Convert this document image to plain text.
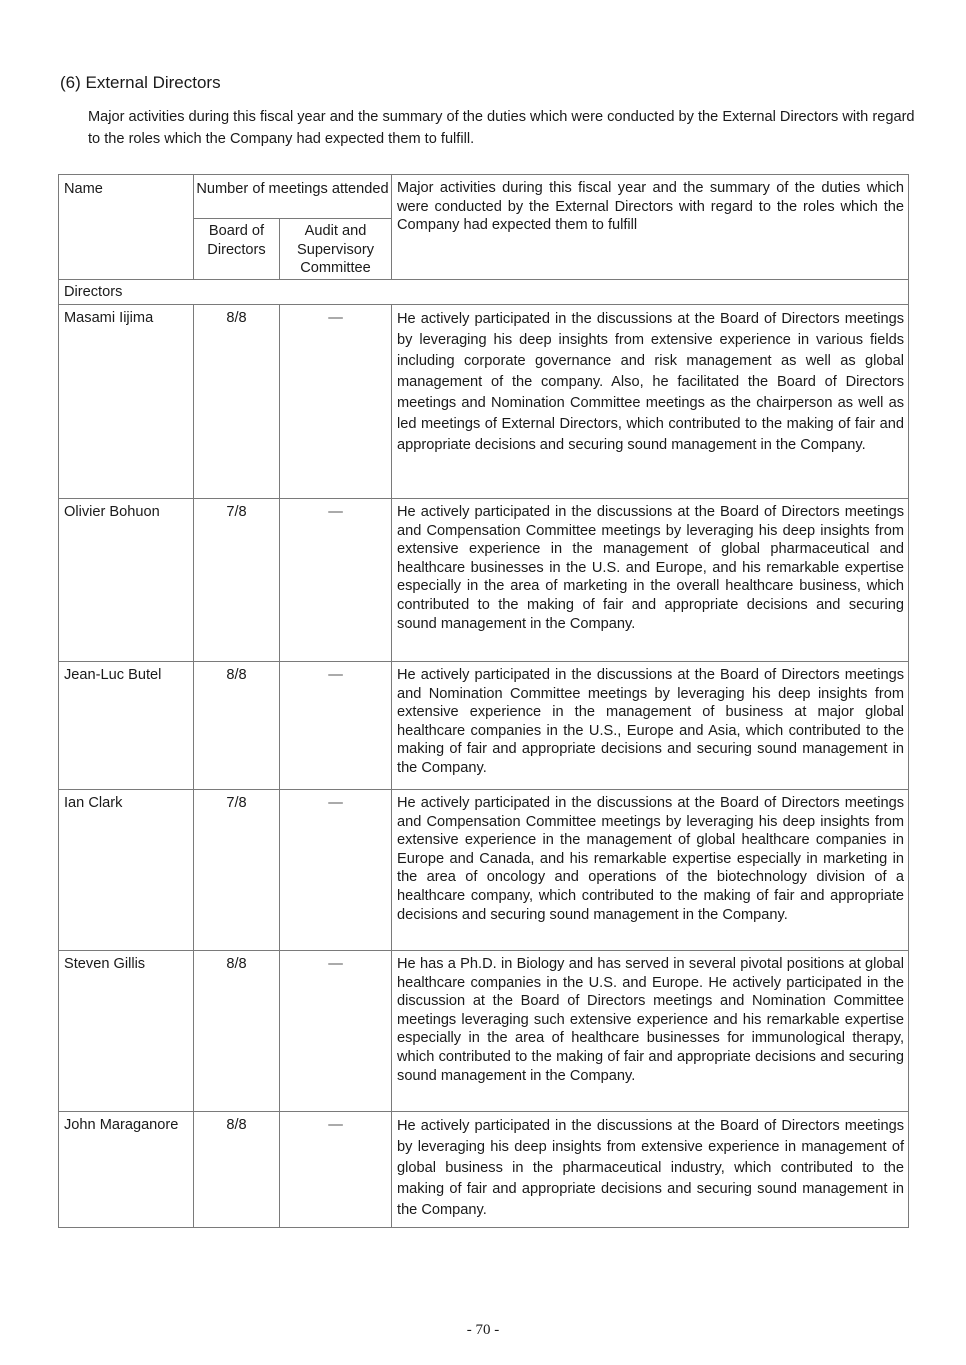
(6) External Directors
Major activities during this fiscal year and the summary of the duties which were conducted by the External Directors with regard to the roles which the Company had expected them to fulfill.
Name	Number of meetings attended		Major activities during this fiscal year and the summary of the duties which were conducted by the External Directors with regard to the roles which the Company had expected them to fulfill
	Board of Directors	Audit and Supervisory Committee	
Directors			
Masami Iijima	8/8	―	He actively participated in the discussions at the Board of Directors meetings by leveraging his deep insights from extensive experience in various fields including corporate governance and risk management as well as global management of the company. Also, he facilitated the Board of Directors meetings and Nomination Committee meetings as the chairperson as well as led meetings of External Directors, which contributed to the making of fair and appropriate decisions and securing sound management in the Company.
Olivier Bohuon	7/8	―	He actively participated in the discussions at the Board of Directors meetings and Compensation Committee meetings by leveraging his deep insights from extensive experience in the management of global pharmaceutical and healthcare businesses in the U.S. and Europe, and his remarkable expertise especially in the area of marketing in the overall healthcare business, which contributed to the making of fair and appropriate decisions and securing sound management in the Company.
Jean-Luc Butel	8/8	―	He actively participated in the discussions at the Board of Directors meetings and Nomination Committee meetings by leveraging his deep insights from extensive experience in the management of business at major global healthcare companies in the U.S., Europe and Asia, which contributed to the making of fair and appropriate decisions and securing sound management in the Company.
Ian Clark	7/8	―	He actively participated in the discussions at the Board of Directors meetings and Compensation Committee meetings by leveraging his deep insights from extensive experience in the management of global healthcare companies in Europe and Canada, and his remarkable expertise especially in marketing in the area of oncology and operations of the biotechnology division of a healthcare company, which contributed to the making of fair and appropriate decisions and securing sound management in the Company.
Steven Gillis	8/8	―	He has a Ph.D. in Biology and has served in several pivotal positions at global healthcare companies in the U.S. and Europe. He actively participated in the discussion at the Board of Directors meetings and Nomination Committee meetings leveraging such extensive experience and his remarkable expertise especially in the area of healthcare businesses for immunological therapy, which contributed to the making of fair and appropriate decisions and securing sound management in the Company.
John Maraganore	8/8	―	He actively participated in the discussions at the Board of Directors meetings by leveraging his deep insights from extensive experience in management of global business in the pharmaceutical industry, which contributed to the making of fair and appropriate decisions and securing sound management in the Company.
- 70 -
